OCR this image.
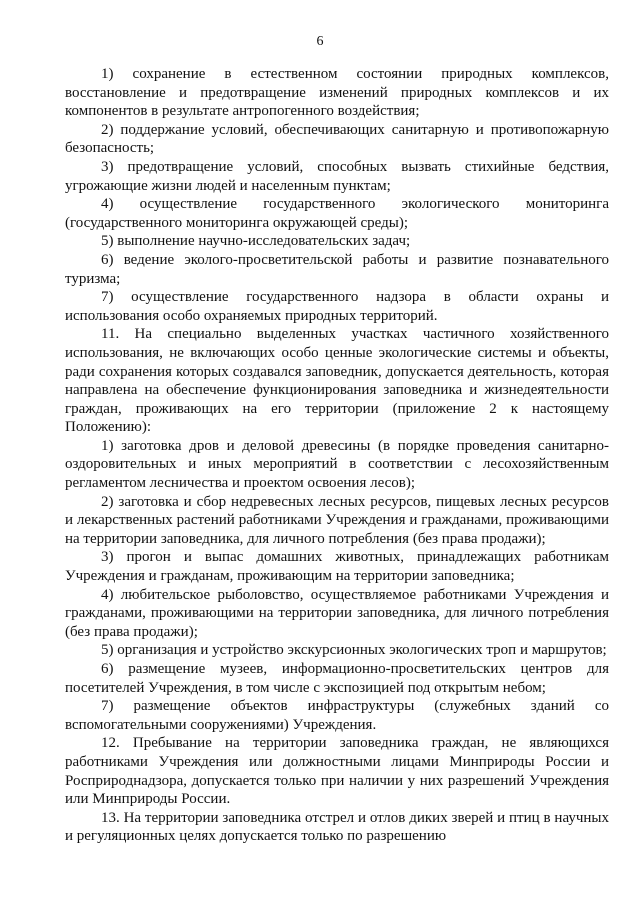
6

1) сохранение в естественном состоянии природных комплексов, восстановление и предотвращение изменений природных комплексов и их компонентов в результате антропогенного воздействия;

2) поддержание условий, обеспечивающих санитарную и противопожарную безопасность;

3) предотвращение условий, способных вызвать стихийные бедствия, угрожающие жизни людей и населенным пунктам;

4) осуществление государственного экологического мониторинга (государственного мониторинга окружающей среды);

5) выполнение научно-исследовательских задач;

6) ведение эколого-просветительской работы и развитие познавательного туризма;

7) осуществление государственного надзора в области охраны и использования особо охраняемых природных территорий.

11. На специально выделенных участках частичного хозяйственного использования, не включающих особо ценные экологические системы и объекты, ради сохранения которых создавался заповедник, допускается деятельность, которая направлена на обеспечение функционирования заповедника и жизнедеятельности граждан, проживающих на его территории (приложение 2 к настоящему Положению):

1) заготовка дров и деловой древесины (в порядке проведения санитарно-оздоровительных и иных мероприятий в соответствии с лесохозяйственным регламентом лесничества и проектом освоения лесов);

2) заготовка и сбор недревесных лесных ресурсов, пищевых лесных ресурсов и лекарственных растений работниками Учреждения и гражданами, проживающими на территории заповедника, для личного потребления (без права продажи);

3) прогон и выпас домашних животных, принадлежащих работникам Учреждения и гражданам, проживающим на территории заповедника;

4) любительское рыболовство, осуществляемое работниками Учреждения и гражданами, проживающими на территории заповедника, для личного потребления (без права продажи);

5) организация и устройство экскурсионных экологических троп и маршрутов;

6) размещение музеев, информационно-просветительских центров для посетителей Учреждения, в том числе с экспозицией под открытым небом;

7) размещение объектов инфраструктуры (служебных зданий со вспомогательными сооружениями) Учреждения.

12. Пребывание на территории заповедника граждан, не являющихся работниками Учреждения или должностными лицами Минприроды России и Росприроднадзора, допускается только при наличии у них разрешений Учреждения или Минприроды России.

13. На территории заповедника отстрел и отлов диких зверей и птиц в научных и регуляционных целях допускается только по разрешению
